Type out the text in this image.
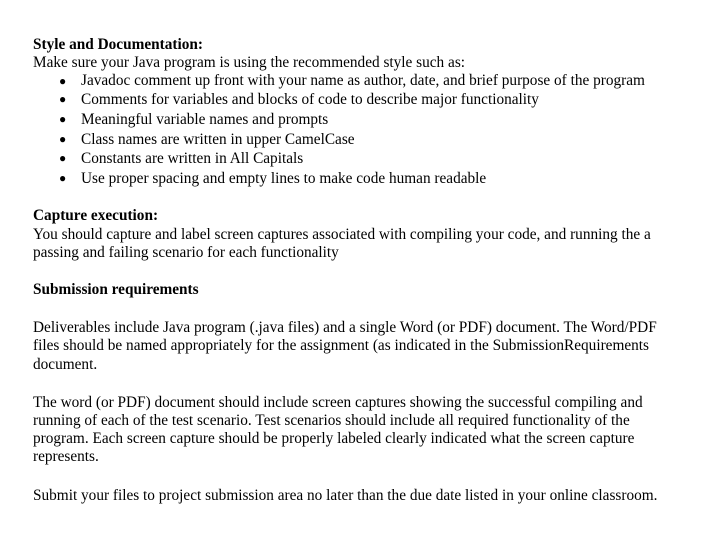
Style and Documentation:

Make sure your Java program is using the recommended style such as:

● Javadoc comment up front with your name as author, date, and brief purpose of the program
● Comments for variables and blocks of code to describe major functionality
● Meaningful variable names and prompts
● Class names are written in upper CamelCase
● Constants are written in All Capitals
● Use proper spacing and empty lines to make code human readable

Capture execution:

You should capture and label screen captures associated with compiling your code, and running the a passing and failing scenario for each functionality

Submission requirements

Deliverables include Java program (.java files) and a single Word (or PDF) document. The Word/PDF files should be named appropriately for the assignment (as indicated in the SubmissionRequirements document.

The word (or PDF) document should include screen captures showing the successful compiling and running of each of the test scenario. Test scenarios should include all required functionality of the program. Each screen capture should be properly labeled clearly indicated what the screen capture represents.

Submit your files to project submission area no later than the due date listed in your online classroom.
